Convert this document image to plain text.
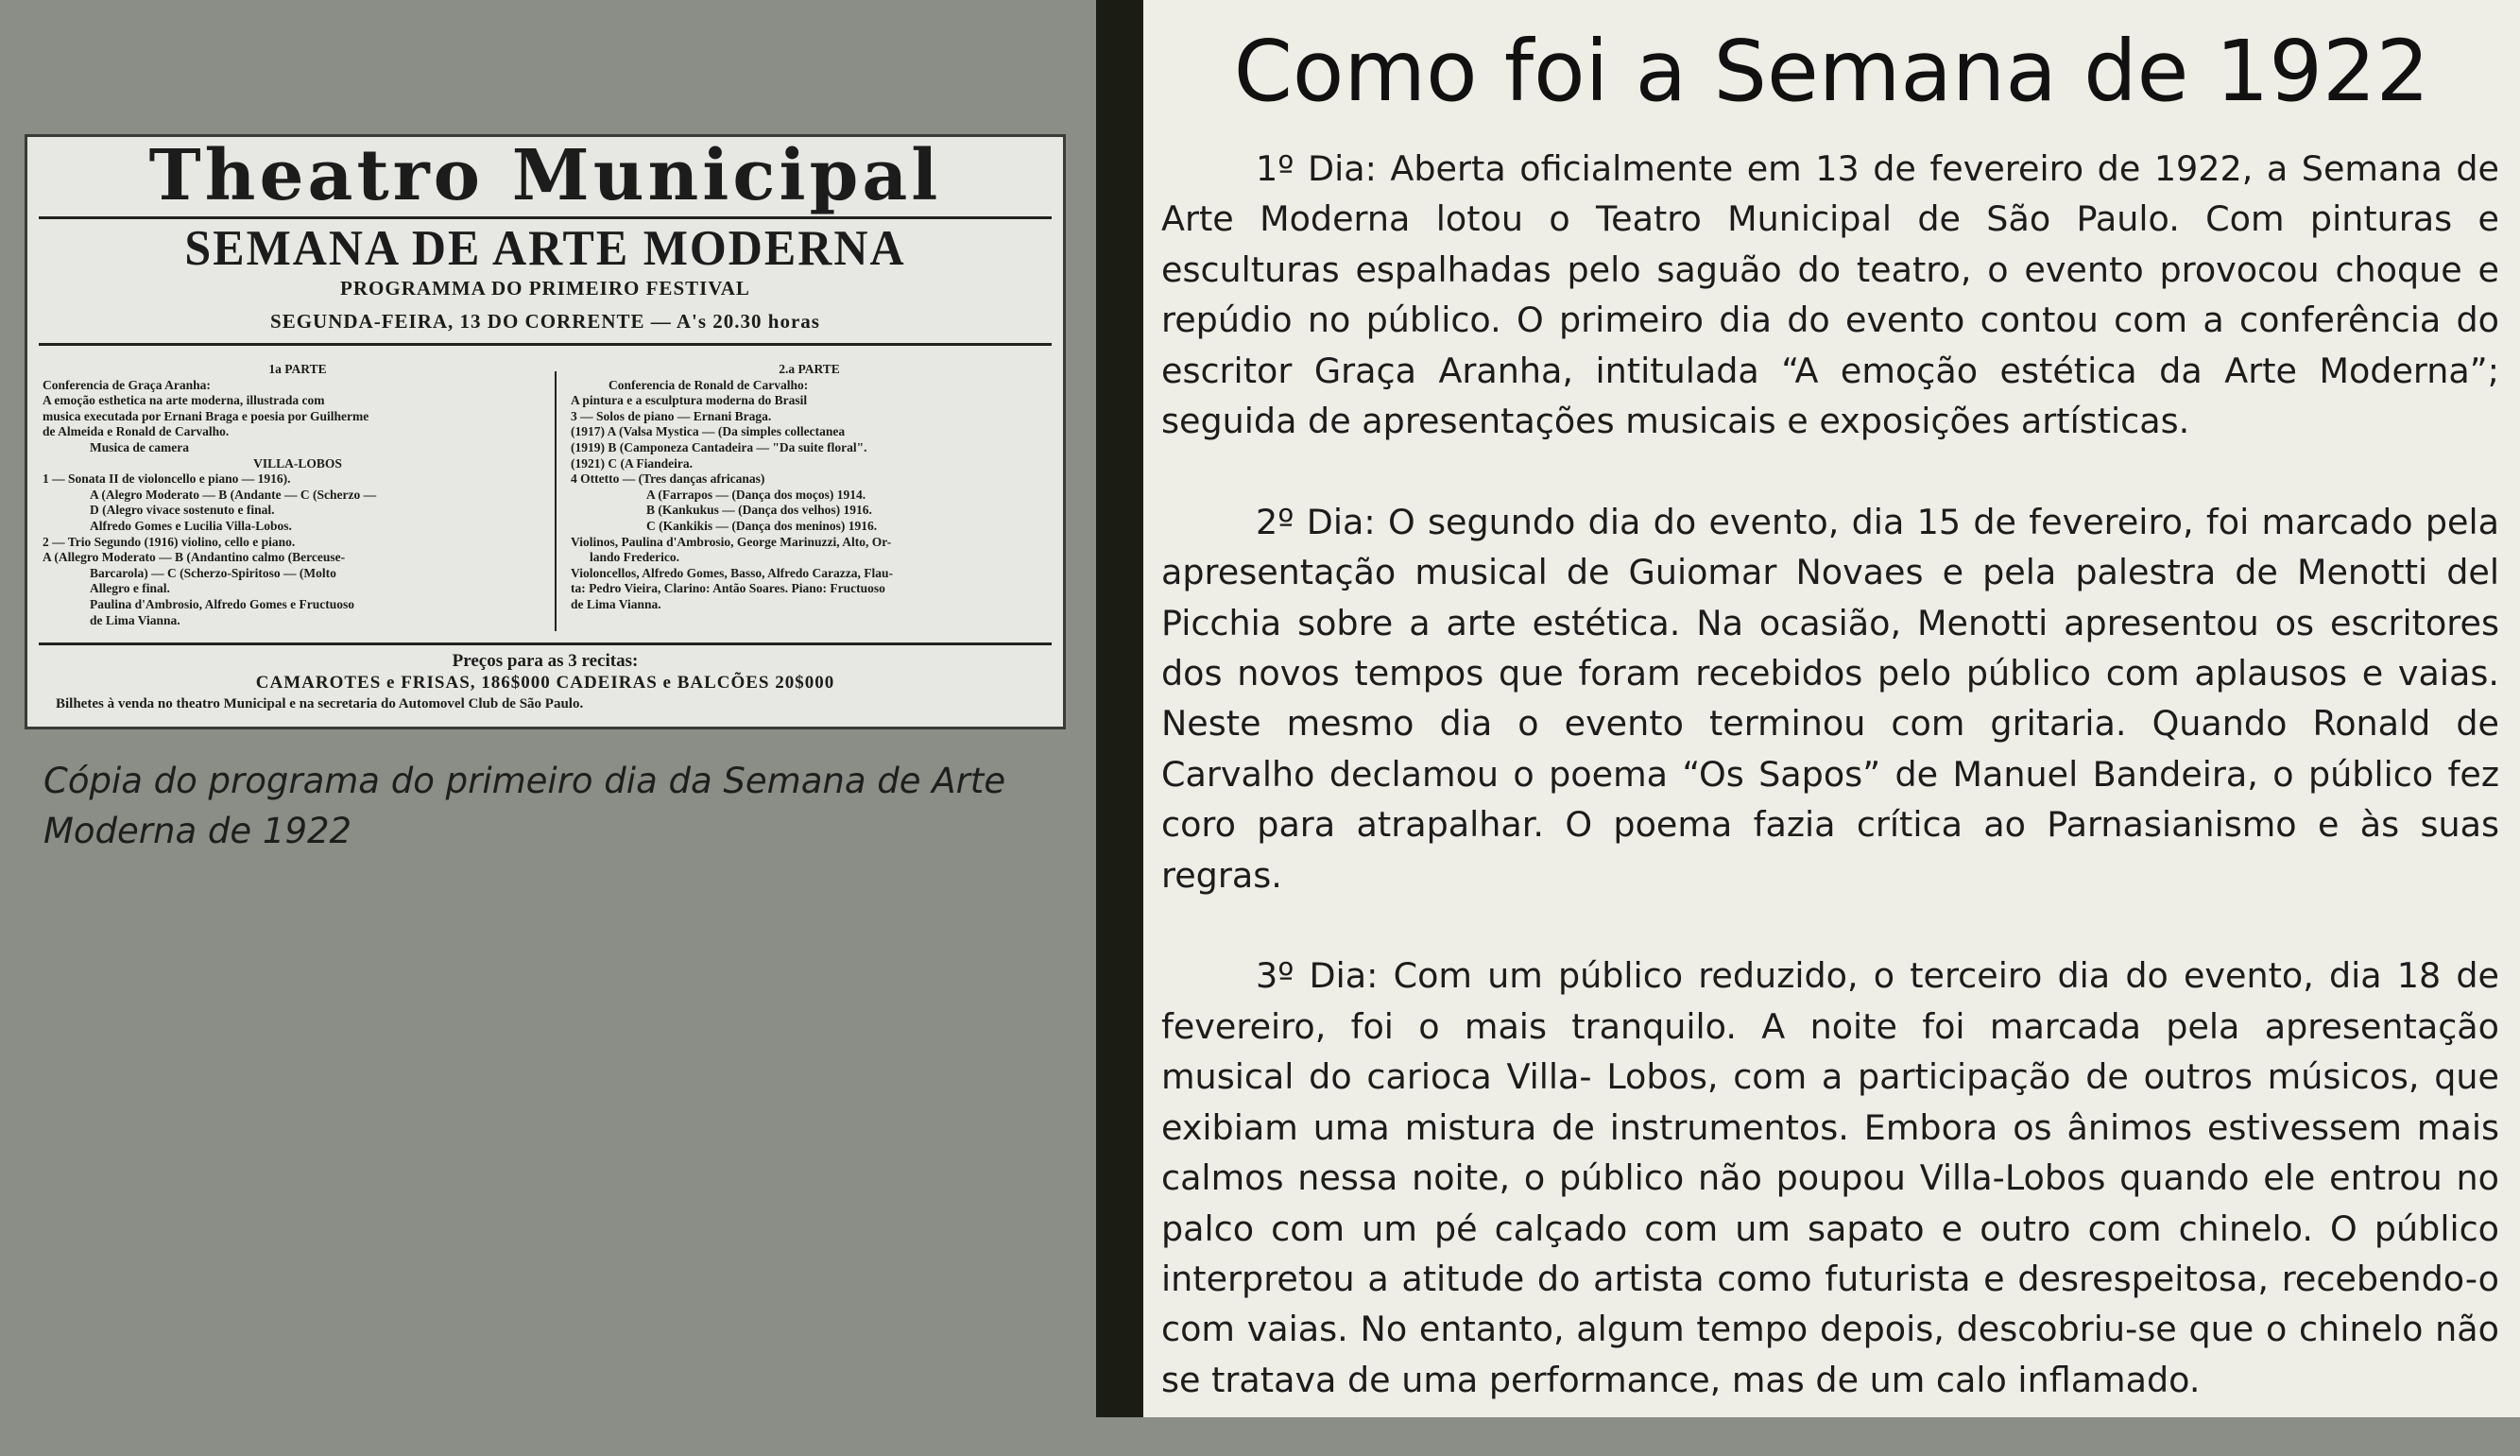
Theatro Municipal
SEMANA DE ARTE MODERNA
PROGRAMMA DO PRIMEIRO FESTIVAL
SEGUNDA-FEIRA, 13 DO CORRENTE — A's 20.30 horas
1a PARTE
Conferencia de Graça Aranha:
A emoção esthetica na arte moderna, illustrada com
musica executada por Ernani Braga e poesia por Guilherme
de Almeida e Ronald de Carvalho.
Musica de camera
VILLA-LOBOS
1 — Sonata II de violoncello e piano — 1916).
A (Alegro Moderato — B (Andante — C (Scherzo —
D (Alegro vivace sostenuto e final.
Alfredo Gomes e Lucilia Villa-Lobos.
2 — Trio Segundo (1916) violino, cello e piano.
A (Allegro Moderato — B (Andantino calmo (Berceuse-
Barcarola) — C (Scherzo-Spiritoso — (Molto
Allegro e final.
Paulina d'Ambrosio, Alfredo Gomes e Fructuoso
de Lima Vianna.
2.a PARTE
Conferencia de Ronald de Carvalho:
A pintura e a esculptura moderna do Brasil
3 — Solos de piano — Ernani Braga.
(1917) A (Valsa Mystica — (Da simples collectanea
(1919) B (Camponeza Cantadeira — "Da suite floral".
(1921) C (A Fiandeira.
4 Ottetto — (Tres danças africanas)
A (Farrapos — (Dança dos moços) 1914.
B (Kankukus — (Dança dos velhos) 1916.
C (Kankikis — (Dança dos meninos) 1916.
Violinos, Paulina d'Ambrosio, George Marinuzzi, Alto, Or-
lando Frederico.
Violoncellos, Alfredo Gomes, Basso, Alfredo Carazza, Flau-
ta: Pedro Vieira, Clarino: Antão Soares. Piano: Fructuoso
de Lima Vianna.
Preços para as 3 recitas:
CAMAROTES e FRISAS, 186$000 CADEIRAS e BALCÕES 20$000
Bilhetes à venda no theatro Municipal e na secretaria do Automovel Club de São Paulo.
Cópia do programa do primeiro dia da Semana de Arte Moderna de 1922
Como foi a Semana de 1922

1º Dia: Aberta oficialmente em 13 de fevereiro de 1922, a Semana de Arte Moderna lotou o Teatro Municipal de São Paulo. Com pinturas e esculturas espalhadas pelo saguão do teatro, o evento provocou choque e repúdio no público. O primeiro dia do evento contou com a conferência do escritor Graça Aranha, intitulada “A emoção estética da Arte Moderna”; seguida de apresentações musicais e exposições artísticas.

2º Dia: O segundo dia do evento, dia 15 de fevereiro, foi marcado pela apresentação musical de Guiomar Novaes e pela palestra de Menotti del Picchia sobre a arte estética. Na ocasião, Menotti apresentou os escritores dos novos tempos que foram recebidos pelo público com aplausos e vaias. Neste mesmo dia o evento terminou com gritaria. Quando Ronald de Carvalho declamou o poema “Os Sapos” de Manuel Bandeira, o público fez coro para atrapalhar. O poema fazia crítica ao Parnasianismo e às suas regras.

3º Dia: Com um público reduzido, o terceiro dia do evento, dia 18 de fevereiro, foi o mais tranquilo. A noite foi marcada pela apresentação musical do carioca Villa- Lobos, com a participação de outros músicos, que exibiam uma mistura de instrumentos. Embora os ânimos estivessem mais calmos nessa noite, o público não poupou Villa-Lobos quando ele entrou no palco com um pé calçado com um sapato e outro com chinelo. O público interpretou a atitude do artista como futurista e desrespeitosa, recebendo-o com vaias. No entanto, algum tempo depois, descobriu-se que o chinelo não se tratava de uma performance, mas de um calo inflamado.
